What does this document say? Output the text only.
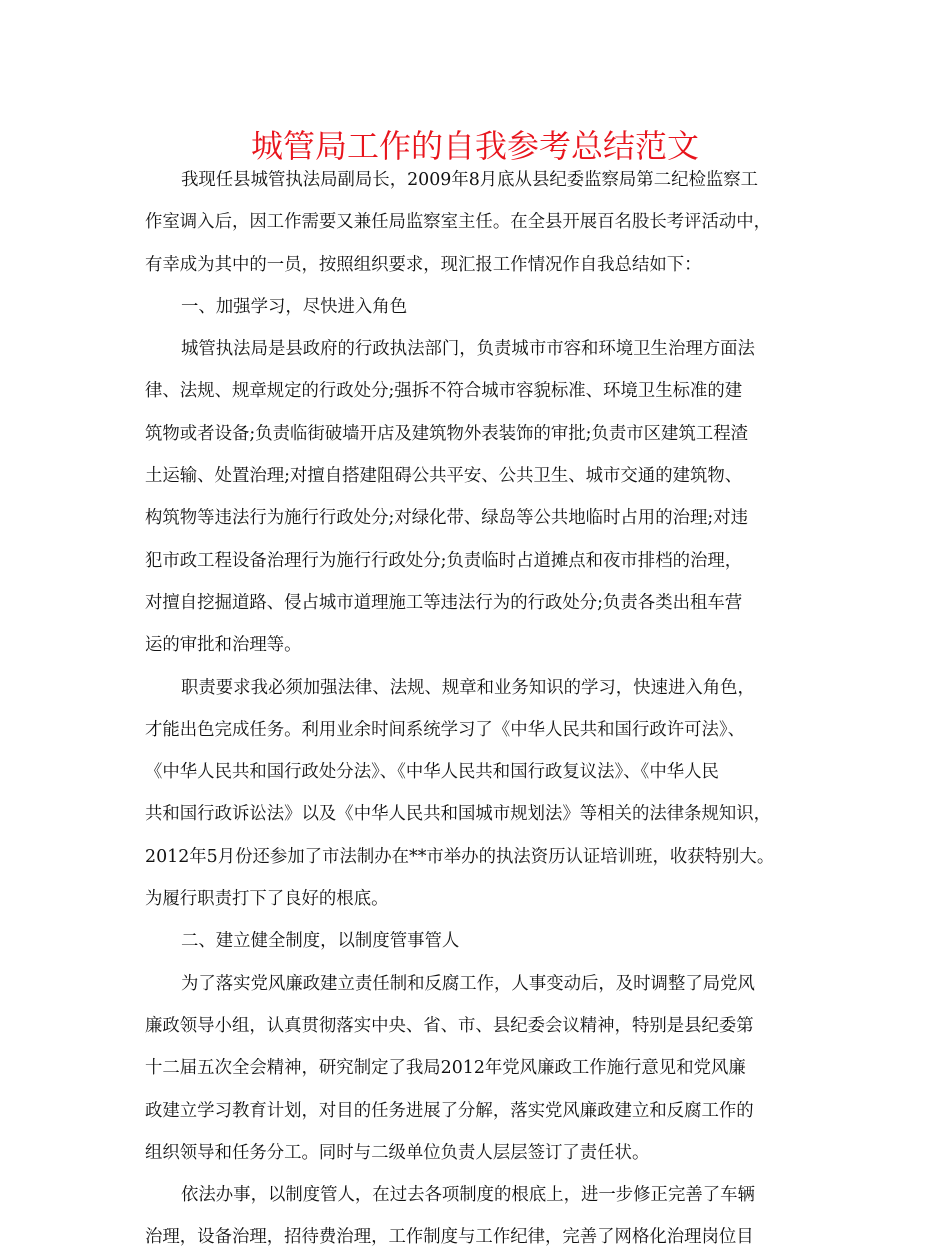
城管局工作的自我参考总结范文
我现任县城管执法局副局长，2009年8月底从县纪委监察局第二纪检监察工
作室调入后，因工作需要又兼任局监察室主任。在全县开展百名股长考评活动中，
有幸成为其中的一员，按照组织要求，现汇报工作情况作自我总结如下：
一、加强学习，尽快进入角色
城管执法局是县政府的行政执法部门，负责城市市容和环境卫生治理方面法
律、法规、规章规定的行政处分;强拆不符合城市容貌标准、环境卫生标准的建
筑物或者设备;负责临街破墙开店及建筑物外表装饰的审批;负责市区建筑工程渣
土运输、处置治理;对擅自搭建阻碍公共平安、公共卫生、城市交通的建筑物、
构筑物等违法行为施行行政处分;对绿化带、绿岛等公共地临时占用的治理;对违
犯市政工程设备治理行为施行行政处分;负责临时占道摊点和夜市排档的治理，
对擅自挖掘道路、侵占城市道理施工等违法行为的行政处分;负责各类出租车营
运的审批和治理等。
职责要求我必须加强法律、法规、规章和业务知识的学习，快速进入角色，
才能出色完成任务。利用业余时间系统学习了《中华人民共和国行政许可法》、
《中华人民共和国行政处分法》、《中华人民共和国行政复议法》、《中华人民
共和国行政诉讼法》以及《中华人民共和国城市规划法》等相关的法律条规知识，
2012年5月份还参加了市法制办在**市举办的执法资历认证培训班，收获特别大。
为履行职责打下了良好的根底。
二、建立健全制度，以制度管事管人
为了落实党风廉政建立责任制和反腐工作，人事变动后，及时调整了局党风
廉政领导小组，认真贯彻落实中央、省、市、县纪委会议精神，特别是县纪委第
十二届五次全会精神，研究制定了我局2012年党风廉政工作施行意见和党风廉
政建立学习教育计划，对目的任务进展了分解，落实党风廉政建立和反腐工作的
组织领导和任务分工。同时与二级单位负责人层层签订了责任状。
依法办事，以制度管人，在过去各项制度的根底上，进一步修正完善了车辆
治理，设备治理，招待费治理，工作制度与工作纪律，完善了网格化治理岗位目
